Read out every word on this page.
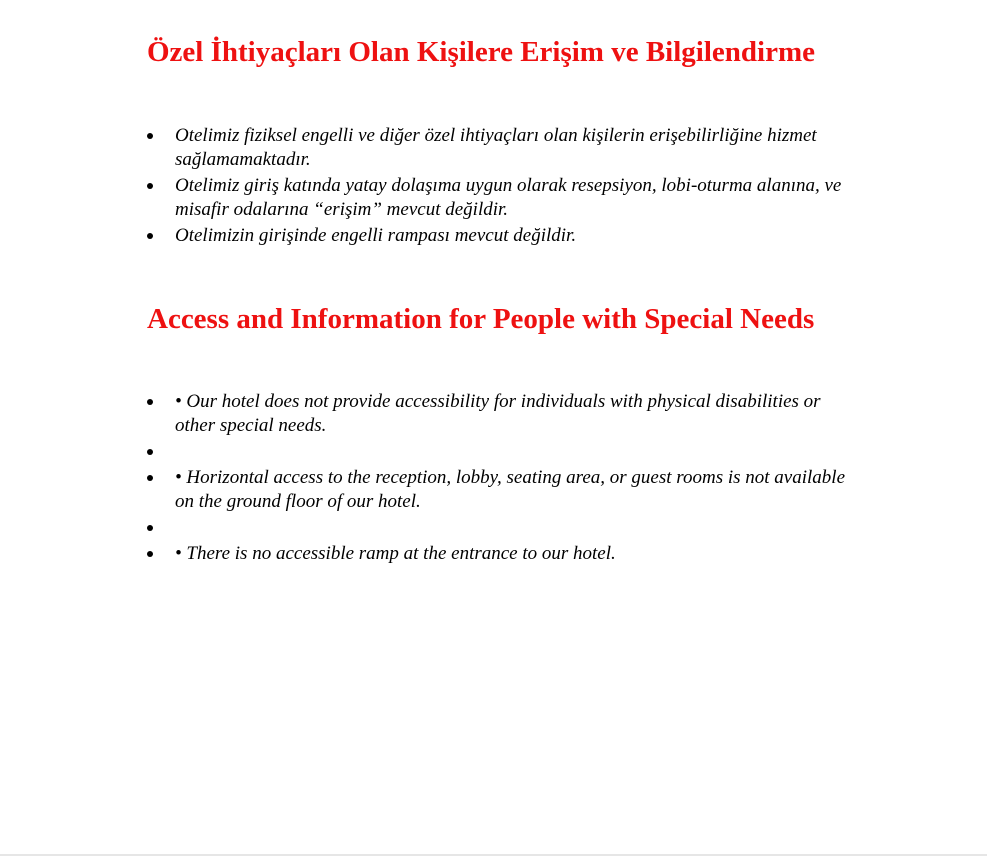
Özel İhtiyaçları Olan Kişilere Erişim ve Bilgilendirme
Otelimiz fiziksel engelli ve diğer özel ihtiyaçları olan kişilerin erişebilirliğine hizmet sağlamamaktadır.
Otelimiz giriş katında yatay dolaşıma uygun olarak resepsiyon, lobi-oturma alanına, ve misafir odalarına “erişim” mevcut değildir.
Otelimizin girişinde engelli rampası mevcut değildir.
Access and Information for People with Special Needs
• Our hotel does not provide accessibility for individuals with physical disabilities or other special needs.
• Horizontal access to the reception, lobby, seating area, or guest rooms is not available on the ground floor of our hotel.
• There is no accessible ramp at the entrance to our hotel.
